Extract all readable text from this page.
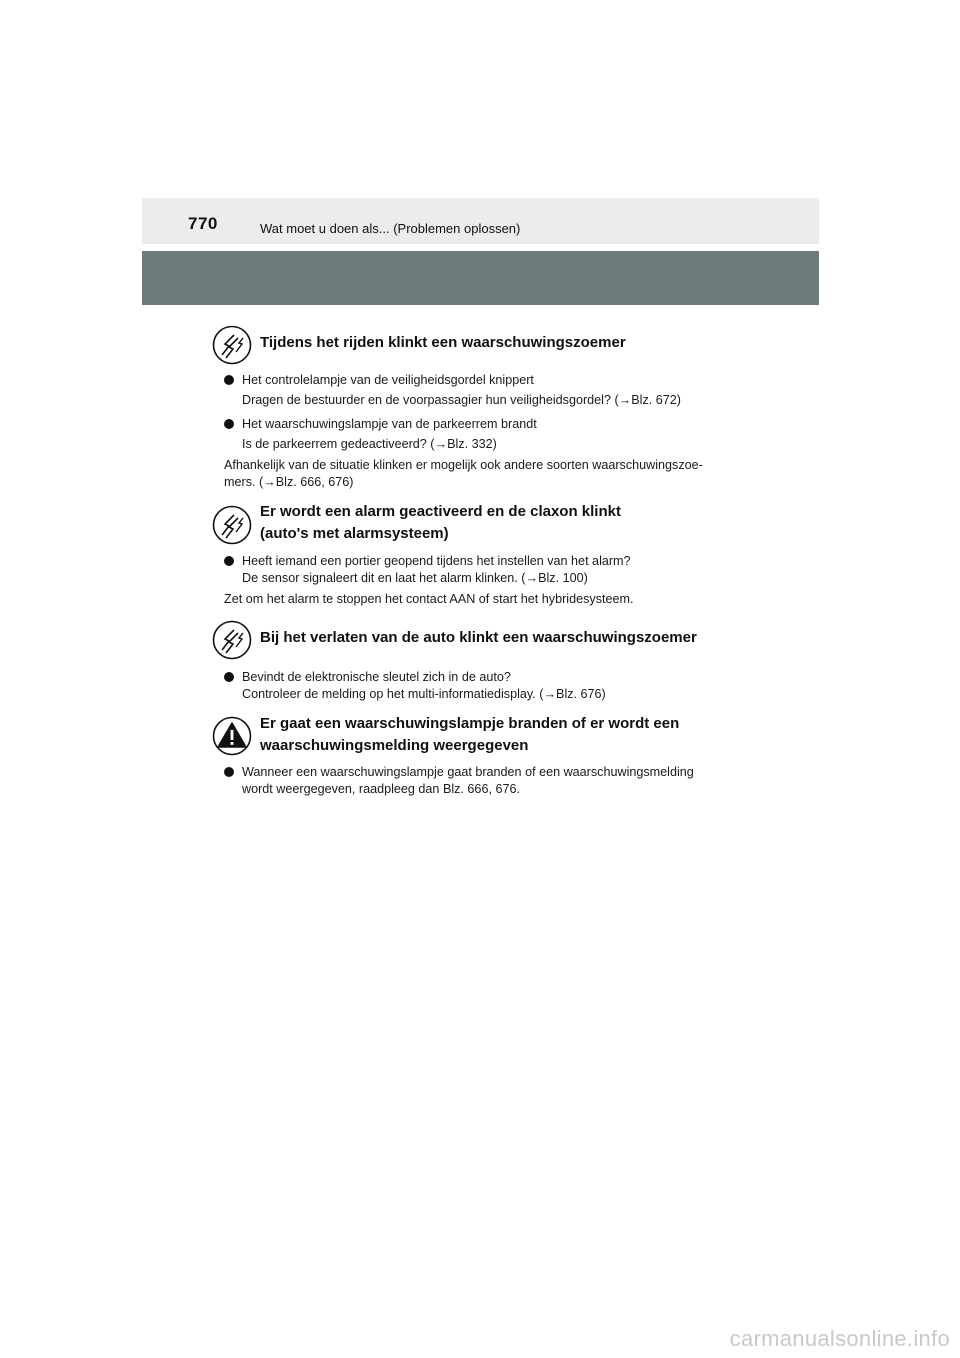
770	Wat moet u doen als... (Problemen oplossen)
Tijdens het rijden klinkt een waarschuwingszoemer
Het controlelampje van de veiligheidsgordel knippert
Dragen de bestuurder en de voorpassagier hun veiligheidsgordel? (→Blz. 672)
Het waarschuwingslampje van de parkeerrem brandt
Is de parkeerrem gedeactiveerd? (→Blz. 332)
Afhankelijk van de situatie klinken er mogelijk ook andere soorten waarschuwingszoe-
mers. (→Blz. 666, 676)
Er wordt een alarm geactiveerd en de claxon klinkt
(auto's met alarmsysteem)
Heeft iemand een portier geopend tijdens het instellen van het alarm?
De sensor signaleert dit en laat het alarm klinken. (→Blz. 100)
Zet om het alarm te stoppen het contact AAN of start het hybridesysteem.
Bij het verlaten van de auto klinkt een waarschuwingszoemer
Bevindt de elektronische sleutel zich in de auto?
Controleer de melding op het multi-informatiedisplay. (→Blz. 676)
Er gaat een waarschuwingslampje branden of er wordt een
waarschuwingsmelding weergegeven
Wanneer een waarschuwingslampje gaat branden of een waarschuwingsmelding
wordt weergegeven, raadpleeg dan Blz. 666, 676.
carmanualsonline.info
